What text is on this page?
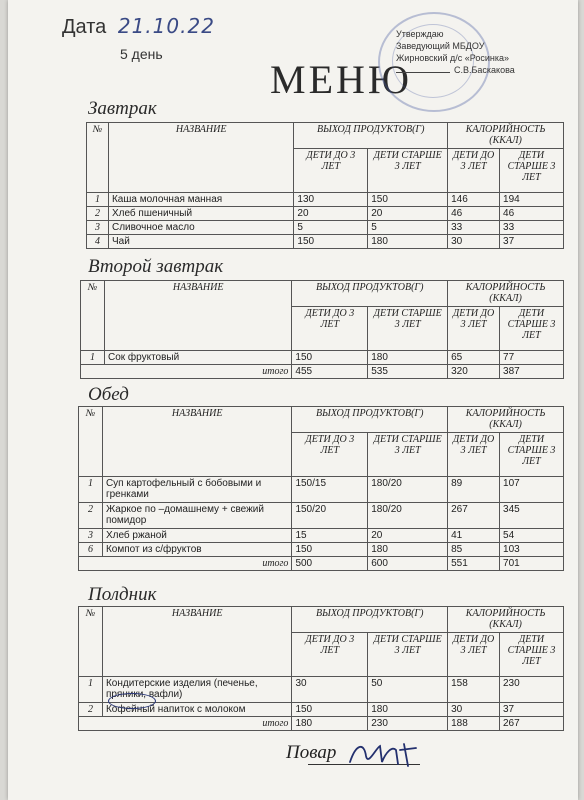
Дата 21.10.22
5 день
МЕНЮ
Утверждаю
Заведующий МБДОУ
Жирновский д/с «Росинка»
С.В.Баскакова
Завтрак
№	НАЗВАНИЕ	ВЫХОД ПРОДУКТОВ(Г)		КАЛОРИЙНОСТЬ (ККАЛ)	
		ДЕТИ ДО 3 ЛЕТ	ДЕТИ СТАРШЕ 3 ЛЕТ	ДЕТИ ДО 3 ЛЕТ	ДЕТИ СТАРШЕ 3 ЛЕТ
1	Каша молочная манная	130	150	146	194
2	Хлеб пшеничный	20	20	46	46
3	Сливочное масло	5	5	33	33
4	Чай	150	180	30	37
Второй завтрак
№	НАЗВАНИЕ	ВЫХОД ПРОДУКТОВ(Г)		КАЛОРИЙНОСТЬ (ККАЛ)	
		ДЕТИ ДО 3 ЛЕТ	ДЕТИ СТАРШЕ 3 ЛЕТ	ДЕТИ ДО 3 ЛЕТ	ДЕТИ СТАРШЕ 3 ЛЕТ
1	Сок фруктовый	150	180	65	77
итого		455	535	320	387
Обед
№	НАЗВАНИЕ	ВЫХОД ПРОДУКТОВ(Г)		КАЛОРИЙНОСТЬ (ККАЛ)	
		ДЕТИ ДО 3 ЛЕТ	ДЕТИ СТАРШЕ 3 ЛЕТ	ДЕТИ ДО 3 ЛЕТ	ДЕТИ СТАРШЕ 3 ЛЕТ
1	Суп картофельный с бобовыми и гренками	150/15	180/20	89	107
2	Жаркое по –домашнему + свежий помидор	150/20	180/20	267	345
3	Хлеб ржаной	15	20	41	54
6	Компот из с/фруктов	150	180	85	103
итого		500	600	551	701
Полдник
№	НАЗВАНИЕ	ВЫХОД ПРОДУКТОВ(Г)		КАЛОРИЙНОСТЬ (ККАЛ)	
		ДЕТИ ДО 3 ЛЕТ	ДЕТИ СТАРШЕ 3 ЛЕТ	ДЕТИ ДО 3 ЛЕТ	ДЕТИ СТАРШЕ 3 ЛЕТ
1	Кондитерские изделия (печенье, пряники, вафли)	30	50	158	230
2	Кофейный напиток с молоком	150	180	30	37
итого		180	230	188	267
Повар
